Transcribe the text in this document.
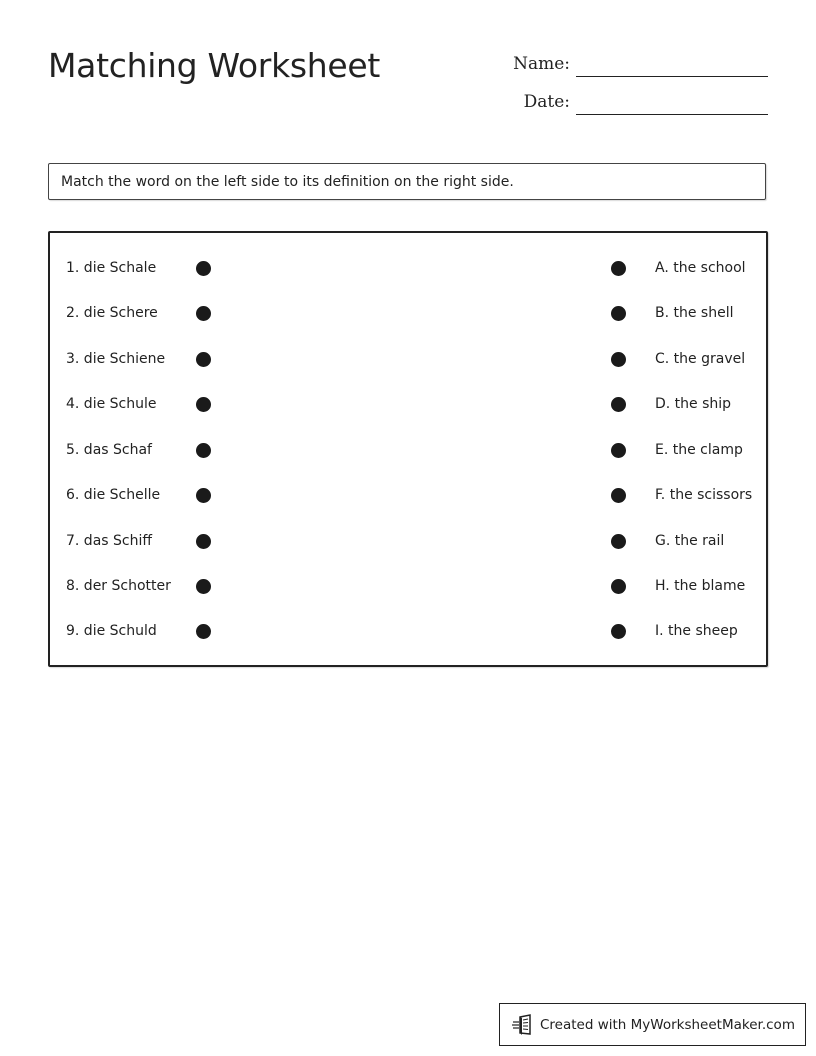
Matching Worksheet	Name:
Date:
Match the word on the left side to its definition on the right side.
1. die Schale	A. the school
2. die Schere	B. the shell
3. die Schiene	C. the gravel
4. die Schule	D. the ship
5. das Schaf	E. the clamp
6. die Schelle	F. the scissors
7. das Schiff	G. the rail
8. der Schotter	H. the blame
9. die Schuld	I. the sheep
Created with MyWorksheetMaker.com
